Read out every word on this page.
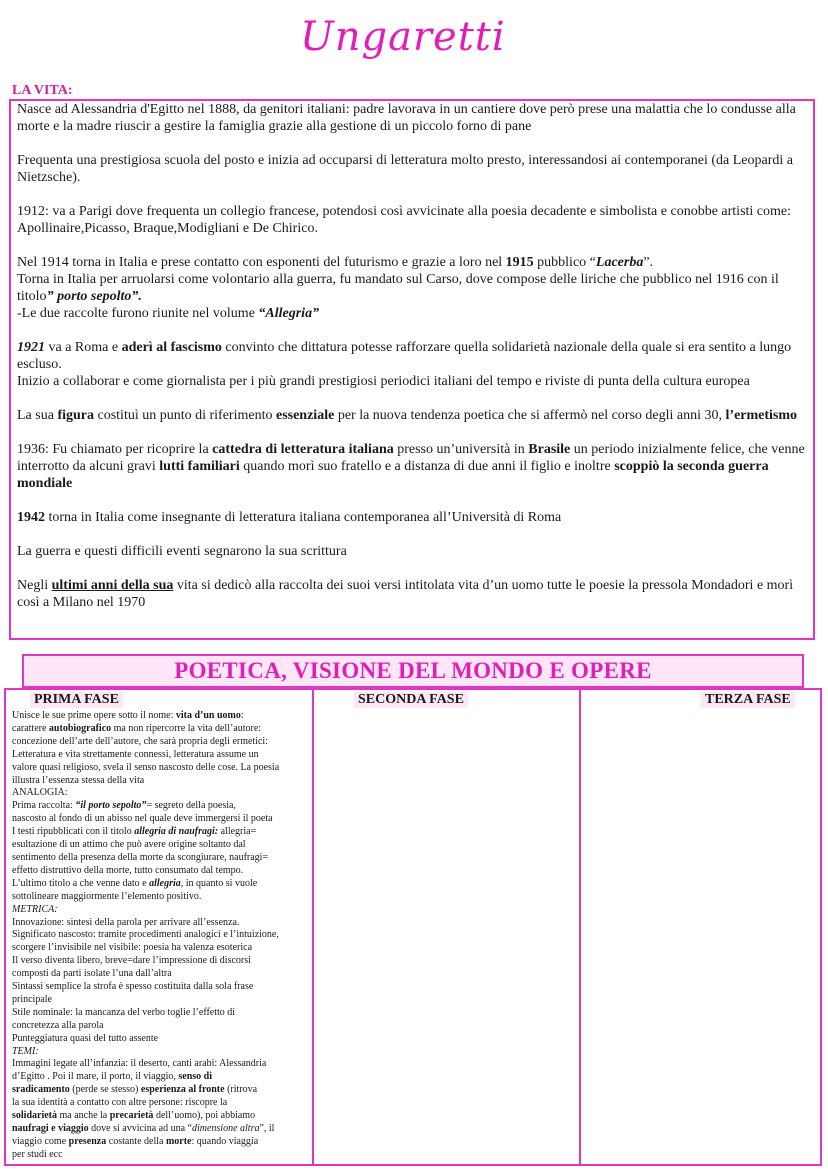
Ungaretti
LA VITA:

Nasce ad Alessandria d'Egitto nel 1888, da genitori italiani: padre lavorava in un cantiere dove però prese una malattia che lo condusse alla morte e la madre riuscir a gestire la famiglia grazie alla gestione di un piccolo forno di pane

Frequenta una prestigiosa scuola del posto e inizia ad occuparsi di letteratura molto presto, interessandosi ai contemporanei (da Leopardi a Nietzsche).

1912: va a Parigi dove frequenta un collegio francese, potendosi così avvicinate alla poesia decadente e simbolista e conobbe artisti come: Apollinaire,Picasso, Braque,Modigliani e De Chirico.

Nel 1914 torna in Italia e prese contatto con esponenti del futurismo e grazie a loro nel 1915 pubblico “Lacerba”.
Torna in Italia per arruolarsi come volontario alla guerra, fu mandato sul Carso, dove compose delle liriche che pubblico nel 1916 con il titolo” porto sepolto”.
-Le due raccolte furono riunite nel volume “Allegria”

1921 va a Roma e aderì al fascismo convinto che dittatura potesse rafforzare quella solidarietà nazionale della quale si era sentito a lungo escluso.
Inizio a collaborar e come giornalista per i più grandi prestigiosi periodici italiani del tempo e riviste di punta della cultura europea

La sua figura costituì un punto di riferimento essenziale per la nuova tendenza poetica che si affermò nel corso degli anni 30, l’ermetismo

1936: Fu chiamato per ricoprire la cattedra di letteratura italiana presso un’università in Brasile un periodo inizialmente felice, che venne interrotto da alcuni gravi lutti familiari quando morì suo fratello e a distanza di due anni il figlio e inoltre scoppiò la seconda guerra mondiale

1942 torna in Italia come insegnante di letteratura italiana contemporanea all’Università di Roma

La guerra e questi difficili eventi segnarono la sua scrittura

Negli ultimi anni della sua vita si dedicò alla raccolta dei suoi versi intitolata vita d’un uomo tutte le poesie la pressola Mondadori e morì così a Milano nel 1970

POETICA, VISIONE DEL MONDO E OPERE
PRIMA FASE

Unisce le sue prime opere sotto il nome: vita d’un uomo:

carattere autobiografico ma non ripercorre la vita dell’autore:

concezione dell’arte dell’autore, che sarà propria degli ermetici:

Letteratura e vita strettamente connessi, letteratura assume un

valore quasi religioso, svela il senso nascosto delle cose. La poesia

illustra l’essenza stessa della vita

ANALOGIA:

Prima raccolta: “il porto sepolto”= segreto della poesia,

nascosto al fondo di un abisso nel quale deve immergersi il poeta

I testi ripubblicati con il titolo allegria di naufragi: allegria=

esultazione di un attimo che può avere origine soltanto dal

sentimento della presenza della morte da scongiurare, naufragi=

effetto distruttivo della morte, tutto consumato dal tempo.

L’ultimo titolo a che venne dato e allegria, in quanto si vuole

sottolineare maggiormente l’elemento positivo.

METRICA:

Innovazione: sintesi della parola per arrivare all’essenza.

Significato nascosto: tramite procedimenti analogici e l’intuizione,

scorgere l’invisibile nel visibile: poesia ha valenza esoterica

Il verso diventa libero, breve=dare l’impressione di discorsi

composti da parti isolate l’una dall’altra

Sintassi semplice la strofa è spesso costituita dalla sola frase

principale

Stile nominale: la mancanza del verbo toglie l’effetto di

concretezza alla parola

Punteggiatura quasi del tutto assente

TEMI:

Immagini legate all’infanzia: il deserto, canti arabi: Alessandria

d’Egitto . Poi il mare, il porto, il viaggio, senso di

sradicamento (perde se stesso) esperienza al fronte (ritrova

la sua identità a contatto con altre persone: riscopre la

solidarietà ma anche la precarietà dell’uomo), poi abbiamo

naufragi e viaggio dove si avvicina ad una “dimensione altra”, il

viaggio come presenza costante della morte: quando viaggia

per studi ecc

SECONDA FASE	TERZA FASE
